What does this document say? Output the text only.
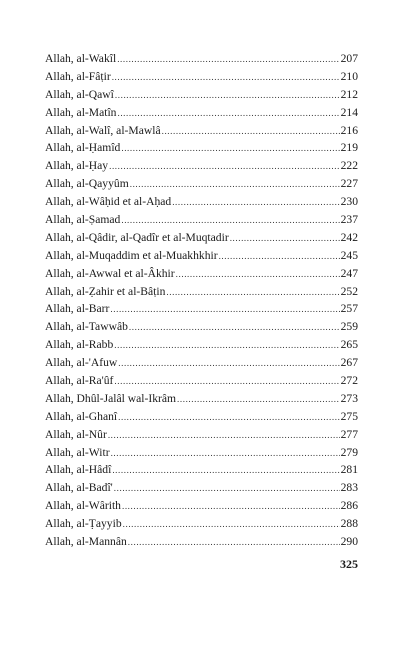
Allah, al-Wakîl .....	207
Allah, al-Fâṭir .....	210
Allah, al-Qawî .....	212
Allah, al-Matîn .....	214
Allah, al-Walî, al-Mawlâ .....	216
Allah, al-Ḥamîd .....	219
Allah, al-Ḥay .....	222
Allah, al-Qayyûm .....	227
Allah, al-Wâḥid et al-Aḥad .....	230
Allah, al-Ṣamad .....	237
Allah, al-Qâdir, al-Qadîr et al-Muqtadir .....	242
Allah, al-Muqaddim et al-Muakhkhir .....	245
Allah, al-Awwal et al-Âkhir .....	247
Allah, al-Ẓahir et al-Bâṭin .....	252
Allah, al-Barr .....	257
Allah, al-Tawwâb .....	259
Allah, al-Rabb .....	265
Allah, al-'Afuw .....	267
Allah, al-Ra'ûf .....	272
Allah, Dhûl-Jalâl wal-Ikrâm .....	273
Allah, al-Ghanî .....	275
Allah, al-Nûr .....	277
Allah, al-Witr .....	279
Allah, al-Hâdî .....	281
Allah, al-Badî' .....	283
Allah, al-Wârith .....	286
Allah, al-Ṭayyib .....	288
Allah, al-Mannân .....	290
325
